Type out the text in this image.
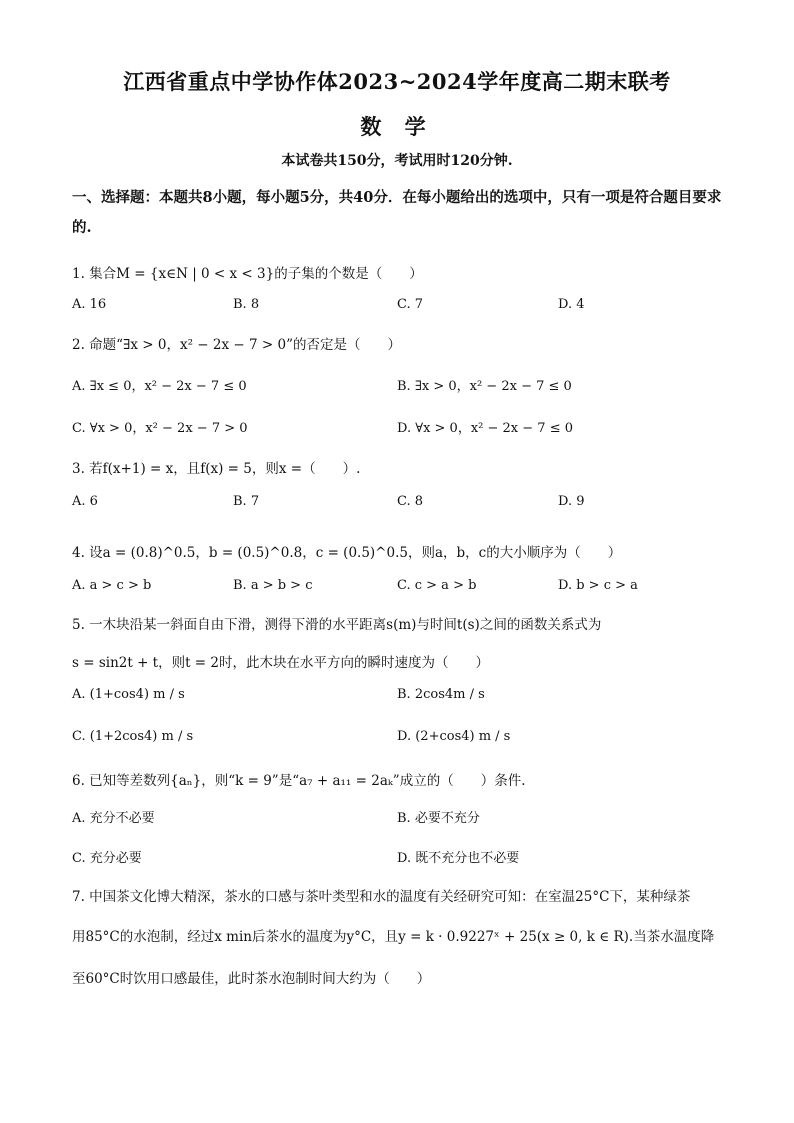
江西省重点中学协作体2023~2024学年度高二期末联考
数 学
本试卷共150分，考试用时120分钟.
一、选择题：本题共8小题，每小题5分，共40分．在每小题给出的选项中，只有一项是符合题目要求的.
1. 集合M = {x∈N | 0 < x < 3}的子集的个数是（　　）
A. 16	B. 8	C. 7	D. 4
2. 命题“∃x > 0，x² − 2x − 7 > 0”的否定是（　　）
A. ∃x ≤ 0，x² − 2x − 7 ≤ 0	B. ∃x > 0，x² − 2x − 7 ≤ 0
C. ∀x > 0，x² − 2x − 7 > 0	D. ∀x > 0，x² − 2x − 7 ≤ 0
3. 若f(x+1) = x，且f(x) = 5，则x =（　　）.
A. 6	B. 7	C. 8	D. 9
4. 设a = (0.8)^0.5，b = (0.5)^0.8，c = (0.5)^0.5，则a，b，c的大小顺序为（　　）
A. a > c > b	B. a > b > c	C. c > a > b	D. b > c > a
5. 一木块沿某一斜面自由下滑，测得下滑的水平距离s(m)与时间t(s)之间的函数关系式为
s = sin2t + t，则t = 2时，此木块在水平方向的瞬时速度为（　　）
A. (1+cos4) m / s	B. 2cos4m / s
C. (1+2cos4) m / s	D. (2+cos4) m / s
6. 已知等差数列{aₙ}，则“k = 9”是“a₇ + a₁₁ = 2aₖ”成立的（　　）条件.
A. 充分不必要	B. 必要不充分
C. 充分必要	D. 既不充分也不必要
7. 中国茶文化博大精深，茶水的口感与茶叶类型和水的温度有关经研究可知：在室温25°C下，某种绿茶
用85°C的水泡制，经过x min后茶水的温度为y°C，且y = k · 0.9227ˣ + 25(x ≥ 0, k ∈ R).当茶水温度降
至60°C时饮用口感最佳，此时茶水泡制时间大约为（　　）
